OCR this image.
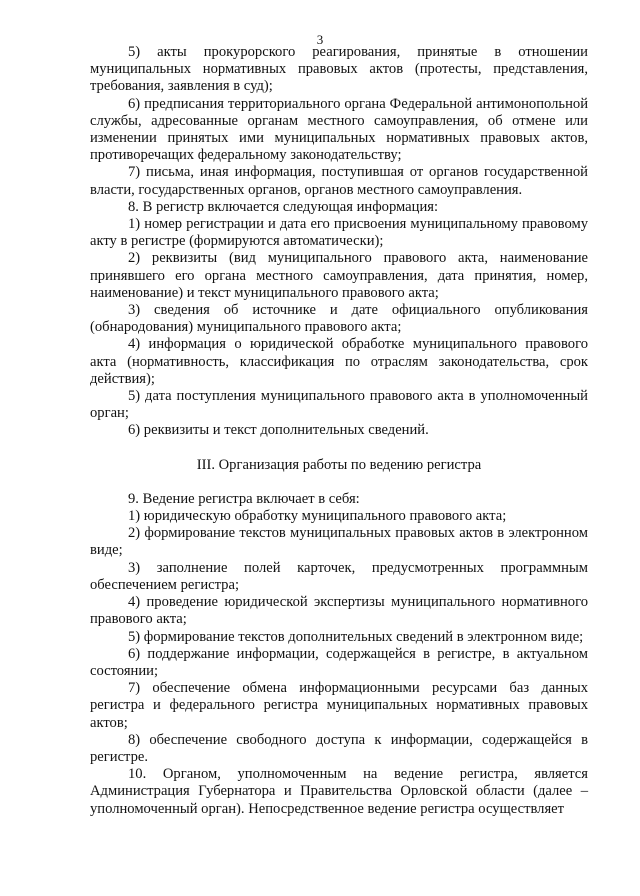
3

5) акты прокурорского реагирования, принятые в отношении муниципальных нормативных правовых актов (протесты, представления, требования, заявления в суд);

6) предписания территориального органа Федеральной антимонопольной службы, адресованные органам местного самоуправления, об отмене или изменении принятых ими муниципальных нормативных правовых актов, противоречащих федеральному законодательству;

7) письма, иная информация, поступившая от органов государственной власти, государственных органов, органов местного самоуправления.

8. В регистр включается следующая информация:

1) номер регистрации и дата его присвоения муниципальному правовому акту в регистре (формируются автоматически);

2) реквизиты (вид муниципального правового акта, наименование принявшего его органа местного самоуправления, дата принятия, номер, наименование) и текст муниципального правового акта;

3) сведения об источнике и дате официального опубликования (обнародования) муниципального правового акта;

4) информация о юридической обработке муниципального правового акта (нормативность, классификация по отраслям законодательства, срок действия);

5) дата поступления муниципального правового акта в уполномоченный орган;

6) реквизиты и текст дополнительных сведений.

III. Организация работы по ведению регистра

9. Ведение регистра включает в себя:

1) юридическую обработку муниципального правового акта;

2) формирование текстов муниципальных правовых актов в электронном виде;

3) заполнение полей карточек, предусмотренных программным обеспечением регистра;

4) проведение юридической экспертизы муниципального нормативного правового акта;

5) формирование текстов дополнительных сведений в электронном виде;

6) поддержание информации, содержащейся в регистре, в актуальном состоянии;

7) обеспечение обмена информационными ресурсами баз данных регистра и федерального регистра муниципальных нормативных правовых актов;

8) обеспечение свободного доступа к информации, содержащейся в регистре.

10. Органом, уполномоченным на ведение регистра, является Администрация Губернатора и Правительства Орловской области (далее – уполномоченный орган). Непосредственное ведение регистра осуществляет
